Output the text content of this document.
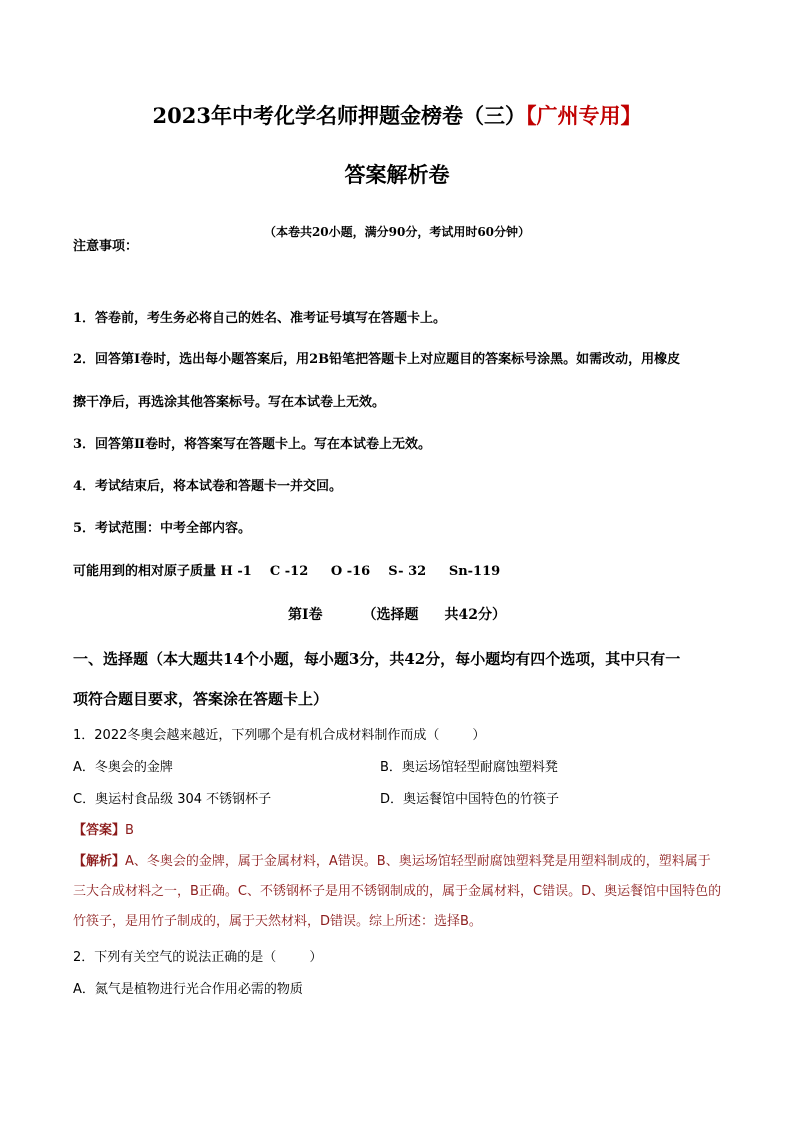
2023年中考化学名师押题金榜卷（三）【广州专用】
答案解析卷
（本卷共20小题，满分90分，考试用时60分钟）
注意事项：
1．答卷前，考生务必将自己的姓名、准考证号填写在答题卡上。
2．回答第Ⅰ卷时，选出每小题答案后，用2B铅笔把答题卡上对应题目的答案标号涂黑。如需改动，用橡皮
擦干净后，再选涂其他答案标号。写在本试卷上无效。
3．回答第Ⅱ卷时，将答案写在答题卡上。写在本试卷上无效。
4．考试结束后，将本试卷和答题卡一并交回。
5．考试范围：中考全部内容。
可能用到的相对原子质量 H -1    C -12     O -16    S- 32     Sn-119
第Ⅰ卷	（选择题 共42分）
一、选择题（本大题共14个小题，每小题3分，共42分，每小题均有四个选项，其中只有一
项符合题目要求，答案涂在答题卡上）
1．2022冬奥会越来越近，下列哪个是有机合成材料制作而成（        ）
A．冬奥会的金牌	B．奥运场馆轻型耐腐蚀塑料凳
C．奥运村食品级 304 不锈钢杯子	D．奥运餐馆中国特色的竹筷子
【答案】B
【解析】A、冬奥会的金牌，属于金属材料，A错误。B、奥运场馆轻型耐腐蚀塑料凳是用塑料制成的，塑料属于三大合成材料之一，B正确。C、不锈钢杯子是用不锈钢制成的，属于金属材料，C错误。D、奥运餐馆中国特色的竹筷子，是用竹子制成的，属于天然材料，D错误。综上所述：选择B。
2．下列有关空气的说法正确的是（        ）
A．氮气是植物进行光合作用必需的物质
